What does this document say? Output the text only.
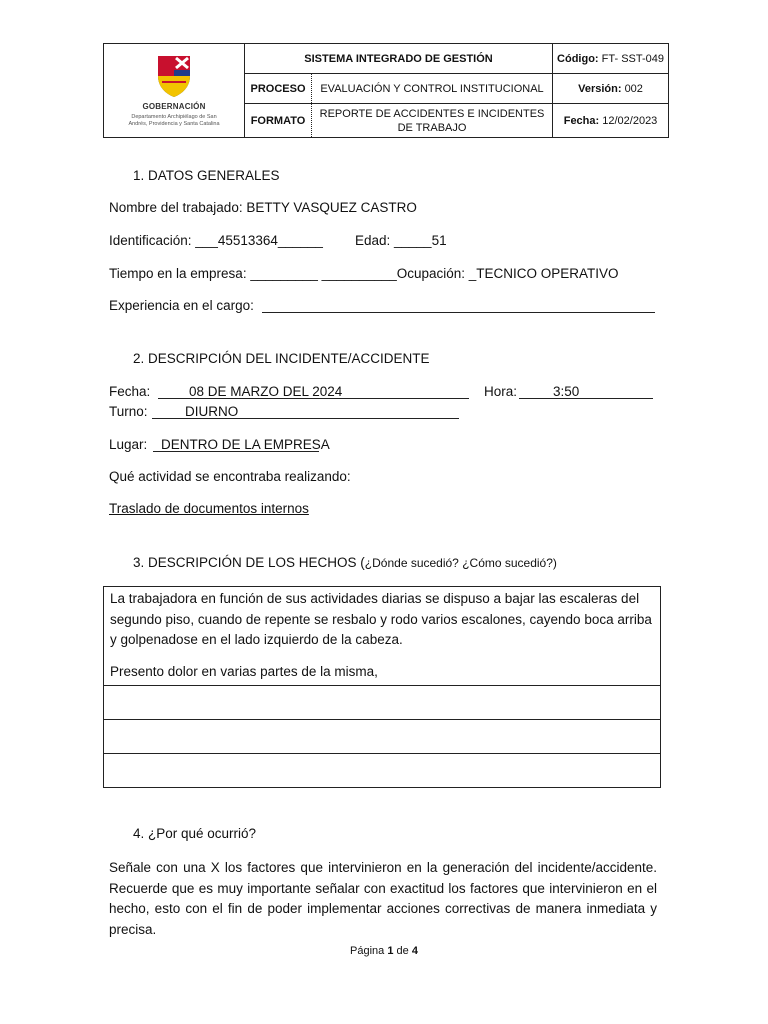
GOBERNACIÓN
Departamento Archipiélago de San Andrés, Providencia y Santa Catalina	SISTEMA INTEGRADO DE GESTIÓN		Código: FT- SST-049
	PROCESO	EVALUACIÓN Y CONTROL INSTITUCIONAL	Versión: 002
	FORMATO	REPORTE DE ACCIDENTES E INCIDENTES DE TRABAJO	Fecha: 12/02/2023
1. DATOS GENERALES
Nombre del trabajado: BETTY VASQUEZ CASTRO
Identificación: ___45513364______ Edad: _____51
Tiempo en la empresa: _________ __________Ocupación: _TECNICO OPERATIVO
Experiencia en el cargo:
2. DESCRIPCIÓN DEL INCIDENTE/ACCIDENTE
Fecha:	08 DE MARZO DEL 2024	Hora:	3:50
Turno:	DIURNO
Lugar: DENTRO DE LA EMPRESA
Qué actividad se encontraba realizando:
Traslado de documentos internos
3. DESCRIPCIÓN DE LOS HECHOS (¿Dónde sucedió? ¿Cómo sucedió?)

La trabajadora en función de sus actividades diarias se dispuso a bajar las escaleras del segundo piso, cuando de repente se resbalo y rodo varios escalones, cayendo boca arriba y golpenadose en el lado izquierdo de la cabeza.

Presento dolor en varias partes de la misma,

4. ¿Por qué ocurrió?
Señale con una X los factores que intervinieron en la generación del incidente/accidente. Recuerde que es muy importante señalar con exactitud los factores que intervinieron en el hecho, esto con el fin de poder implementar acciones correctivas de manera inmediata y precisa.
Página 1 de 4
